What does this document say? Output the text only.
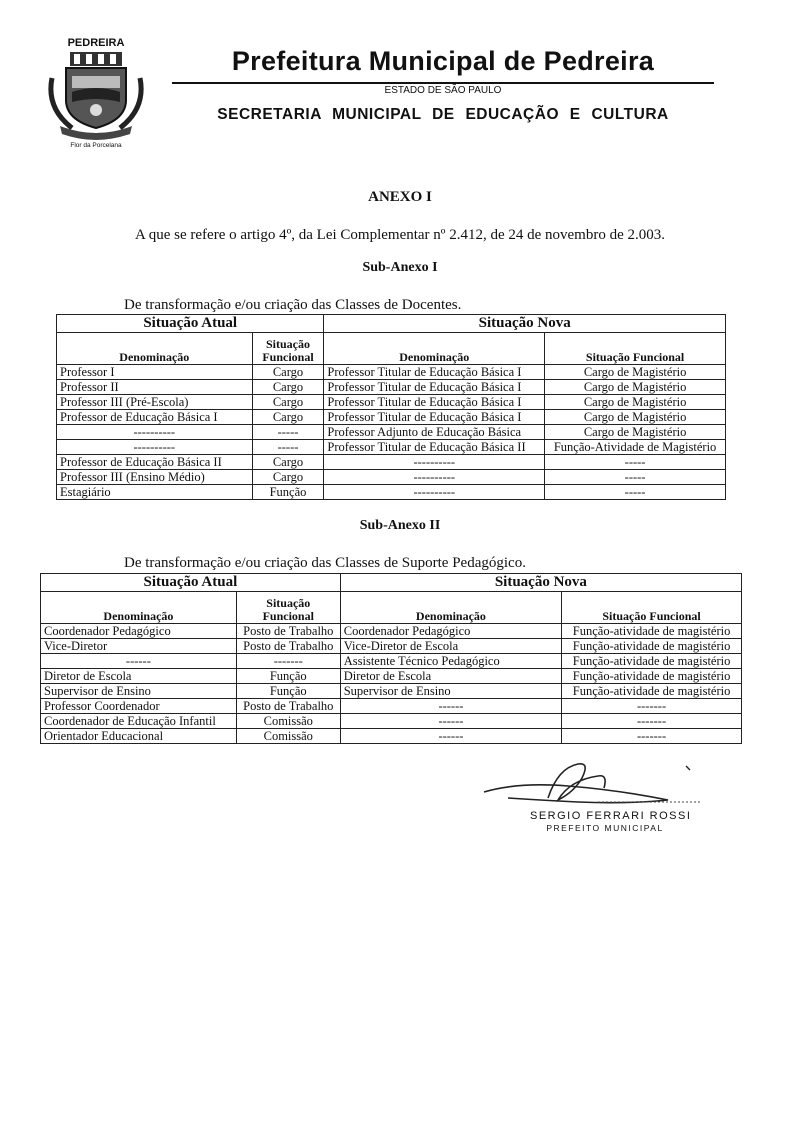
PEDREIRA
Flor da Porcelana
Prefeitura Municipal de Pedreira
ESTADO DE SÃO PAULO
SECRETARIA MUNICIPAL DE EDUCAÇÃO E CULTURA
ANEXO I
A que se refere o artigo 4º, da Lei Complementar nº 2.412, de 24 de novembro de 2.003.
Sub-Anexo I
De transformação e/ou criação das Classes de Docentes.
Situação Atual		Situação Nova	
Denominação	Situação Funcional	Denominação	Situação Funcional
Professor I	Cargo	Professor Titular de Educação Básica I	Cargo de Magistério
Professor II	Cargo	Professor Titular de Educação Básica I	Cargo de Magistério
Professor III (Pré-Escola)	Cargo	Professor Titular de Educação Básica I	Cargo de Magistério
Professor de Educação Básica I	Cargo	Professor Titular de Educação Básica I	Cargo de Magistério
----------	-----	Professor Adjunto de Educação Básica	Cargo de Magistério
----------	-----	Professor Titular de Educação Básica II	Função-Atividade de Magistério
Professor de Educação Básica II	Cargo	----------	-----
Professor III (Ensino Médio)	Cargo	----------	-----
Estagiário	Função	----------	-----
Sub-Anexo II
De transformação e/ou criação das Classes de Suporte Pedagógico.
Situação Atual		Situação Nova	
Denominação	Situação Funcional	Denominação	Situação Funcional
Coordenador Pedagógico	Posto de Trabalho	Coordenador Pedagógico	Função-atividade de magistério
Vice-Diretor	Posto de Trabalho	Vice-Diretor de Escola	Função-atividade de magistério
------	-------	Assistente Técnico Pedagógico	Função-atividade de magistério
Diretor de Escola	Função	Diretor de Escola	Função-atividade de magistério
Supervisor de Ensino	Função	Supervisor de Ensino	Função-atividade de magistério
Professor Coordenador	Posto de Trabalho	------	-------
Coordenador de Educação Infantil	Comissão	------	-------
Orientador Educacional	Comissão	------	-------
SERGIO FERRARI ROSSI
PREFEITO MUNICIPAL
